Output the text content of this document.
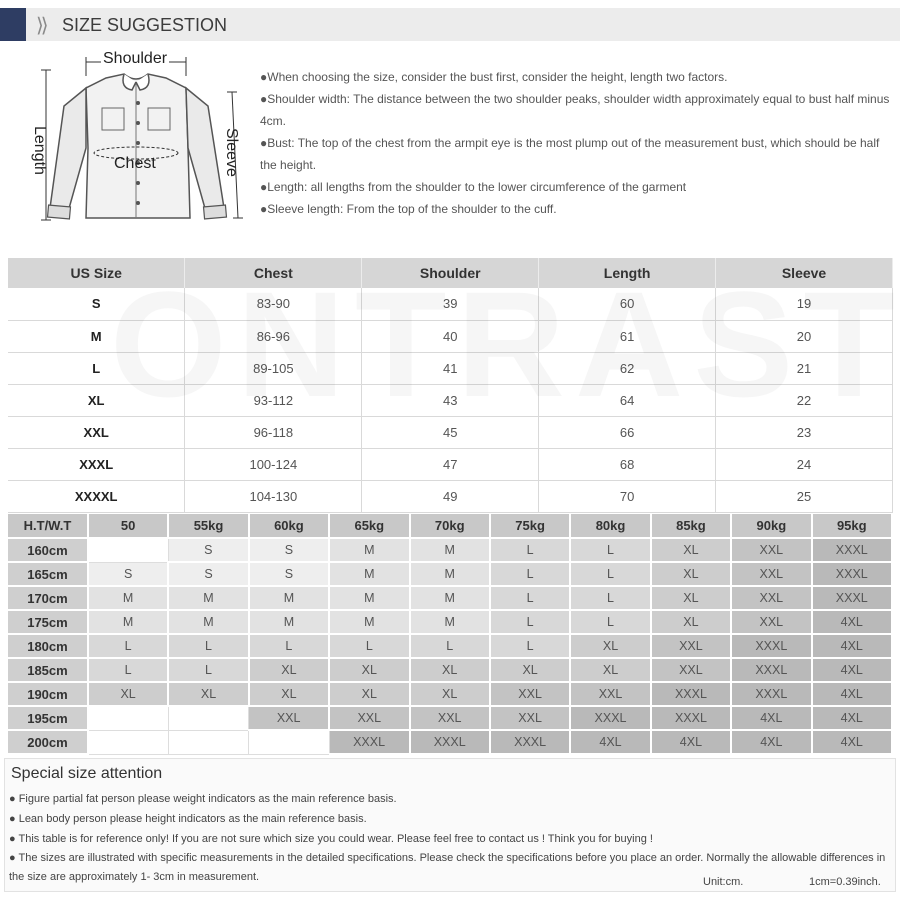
⟩⟩ SIZE SUGGESTION
Shoulder
Chest
Length	Sleeve

●When choosing the size, consider the bust first, consider the height, length two factors.

●Shoulder width: The distance between the two shoulder peaks, shoulder width approximately equal to bust half minus 4cm.

●Bust: The top of the chest from the armpit eye is the most plump out of the measurement bust, which should be half the height.

●Length: all lengths from the shoulder to the lower circumference of the garment

●Sleeve length: From the top of the shoulder to the cuff.

US Size	Chest	Shoulder	Length	Sleeve
S	83-90	39	60	19
M	86-96	40	61	20
L	89-105	41	62	21
XL	93-112	43	64	22
XXL	96-118	45	66	23
XXXL	100-124	47	68	24
XXXXL	104-130	49	70	25
H.T/W.T	50	55kg	60kg	65kg	70kg	75kg	80kg	85kg	90kg	95kg
160cm		S	S	M	M	L	L	XL	XXL	XXXL
165cm	S	S	S	M	M	L	L	XL	XXL	XXXL
170cm	M	M	M	M	M	L	L	XL	XXL	XXXL
175cm	M	M	M	M	M	L	L	XL	XXL	4XL
180cm	L	L	L	L	L	L	XL	XXL	XXXL	4XL
185cm	L	L	XL	XL	XL	XL	XL	XXL	XXXL	4XL
190cm	XL	XL	XL	XL	XL	XXL	XXL	XXXL	XXXL	4XL
195cm			XXL	XXL	XXL	XXL	XXXL	XXXL	4XL	4XL
200cm				XXXL	XXXL	XXXL	4XL	4XL	4XL	4XL
Special size attention

● Figure partial fat person please weight indicators as the main reference basis.

● Lean body person please height indicators as the main reference basis.

● This table is for reference only! If you are not sure which size you could wear. Please feel free to contact us ! Think you for buying !

● The sizes are illustrated with specific measurements in the detailed specifications. Please check the specifications before you place an order. Normally the allowable differences in the size are approximately 1- 3cm in measurement.	Unit:cm.	1cm=0.39inch.
